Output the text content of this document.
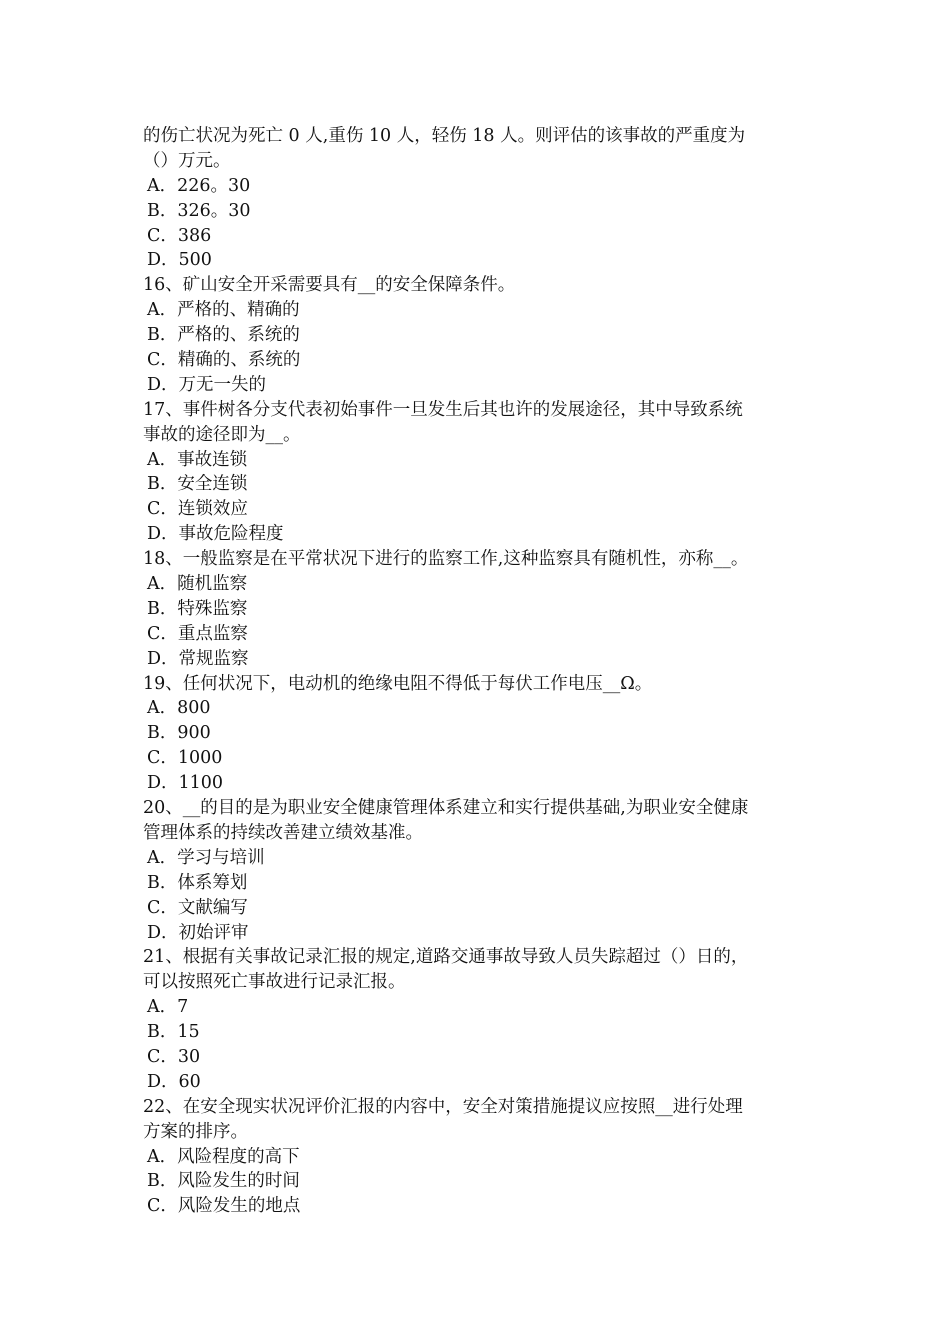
的伤亡状况为死亡 0 人,重伤 10 人，轻伤 18 人。则评估的该事故的严重度为
（）万元。
A．226。30
B．326。30
C．386
D．500
16、矿山安全开采需要具有__的安全保障条件。
A．严格的、精确的
B．严格的、系统的
C．精确的、系统的
D．万无一失的
17、事件树各分支代表初始事件一旦发生后其也许的发展途径，其中导致系统
事故的途径即为__。
A．事故连锁
B．安全连锁
C．连锁效应
D．事故危险程度
18、一般监察是在平常状况下进行的监察工作,这种监察具有随机性，亦称__。
A．随机监察
B．特殊监察
C．重点监察
D．常规监察
19、任何状况下，电动机的绝缘电阻不得低于每伏工作电压__Ω。
A．800
B．900
C．1000
D．1100
20、__的目的是为职业安全健康管理体系建立和实行提供基础,为职业安全健康
管理体系的持续改善建立绩效基准。
A．学习与培训
B．体系筹划
C．文献编写
D．初始评审
21、根据有关事故记录汇报的规定,道路交通事故导致人员失踪超过（）日的，
可以按照死亡事故进行记录汇报。
A．7
B．15
C．30
D．60
22、在安全现实状况评价汇报的内容中，安全对策措施提议应按照__进行处理
方案的排序。
A．风险程度的高下
B．风险发生的时间
C．风险发生的地点
